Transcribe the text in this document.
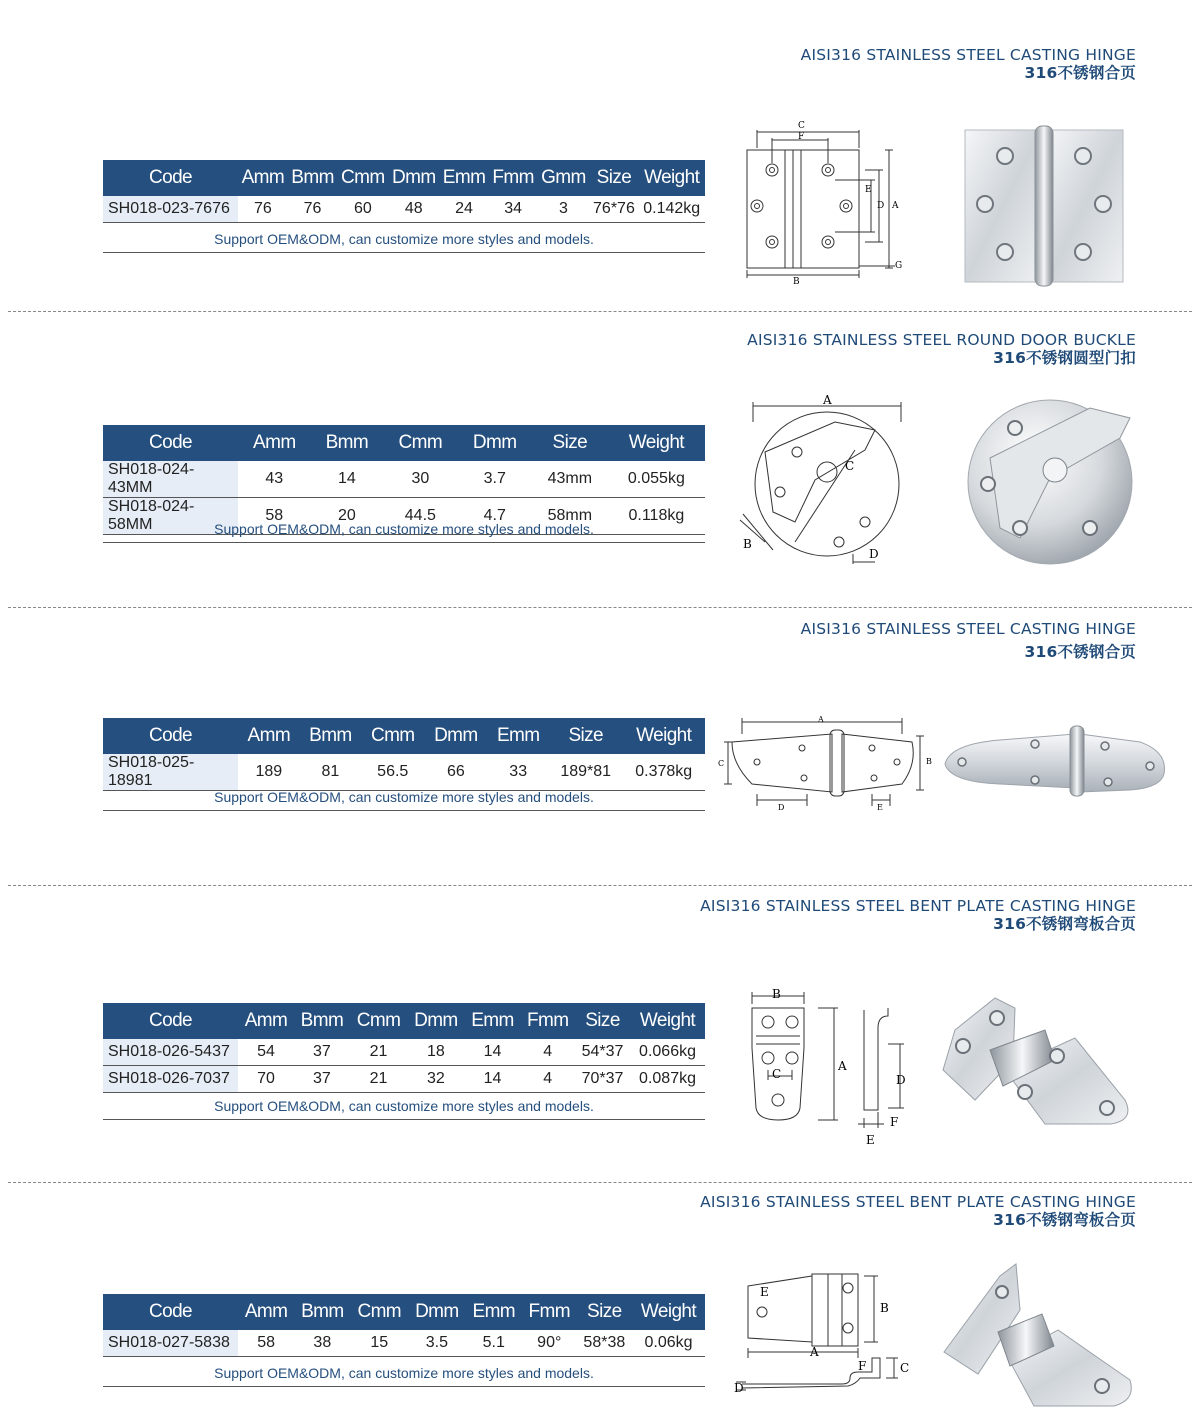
AISI316 STAINLESS STEEL CASTING HINGE
316不锈钢合页
Code	Amm	Bmm	Cmm	Dmm	Emm	Fmm	Gmm	Size	Weight
SH018-023-7676	76	76	60	48	24	34	3	76*76	0.142kg
Support OEM&ODM, can customize more styles and models.
C
F
E
D A
G
B
AISI316 STAINLESS STEEL ROUND DOOR BUCKLE
316不锈钢圆型门扣
Code	Amm	Bmm	Cmm	Dmm	Size	Weight
SH018-024-43MM	43	14	30	3.7	43mm	0.055kg
SH018-024-58MM	58	20	44.5	4.7	58mm	0.118kg
Support OEM&ODM, can customize more styles and models.
A
C
B
D
AISI316 STAINLESS STEEL CASTING HINGE
316不锈钢合页
Code	Amm	Bmm	Cmm	Dmm	Emm	Size	Weight
SH018-025-18981	189	81	56.5	66	33	189*81	0.378kg
Support OEM&ODM, can customize more styles and models.
A
C	B
D	E
AISI316 STAINLESS STEEL BENT PLATE CASTING HINGE
316不锈钢弯板合页
Code	Amm	Bmm	Cmm	Dmm	Emm	Fmm	Size	Weight
SH018-026-5437	54	37	21	18	14	4	54*37	0.066kg
SH018-026-7037	70	37	21	32	14	4	70*37	0.087kg
Support OEM&ODM, can customize more styles and models.
B
A
C	D
F
E
AISI316 STAINLESS STEEL BENT PLATE CASTING HINGE
316不锈钢弯板合页
Code	Amm	Bmm	Cmm	Dmm	Emm	Fmm	Size	Weight
SH018-027-5838	58	38	15	3.5	5.1	90°	58*38	0.06kg
Support OEM&ODM, can customize more styles and models.
E
B
A
F	C
D
